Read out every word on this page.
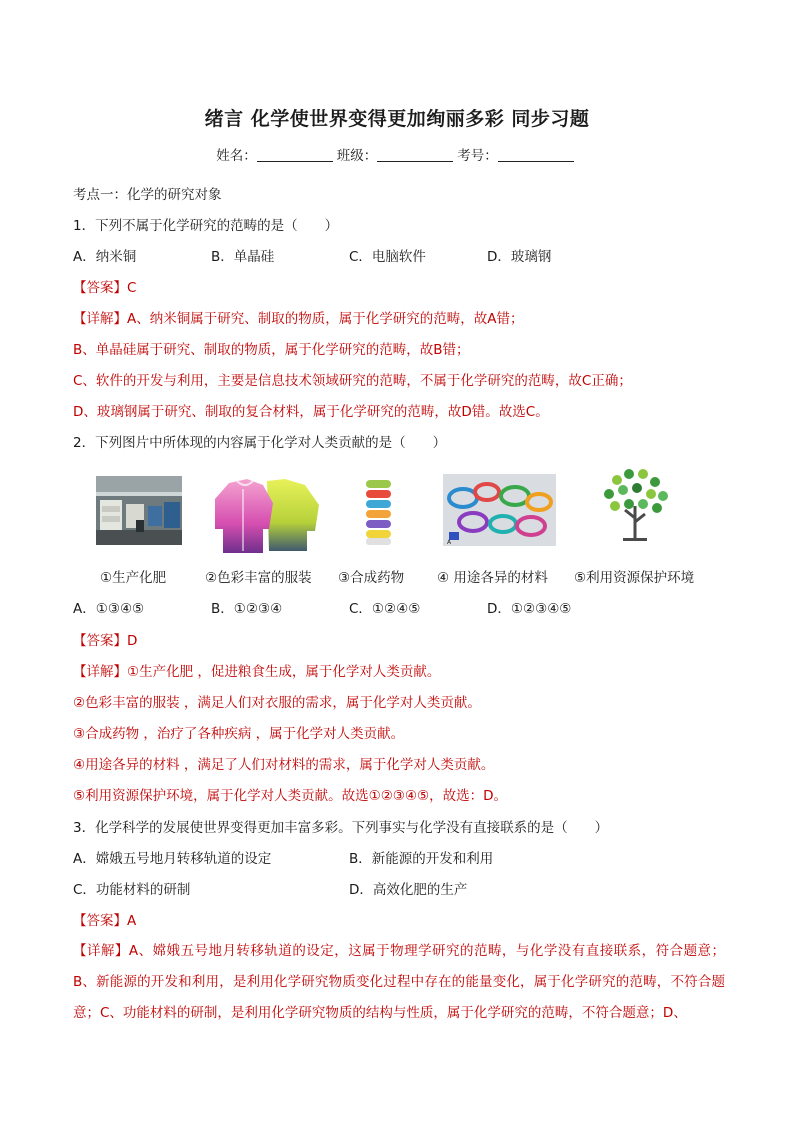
绪言 化学使世界变得更加绚丽多彩 同步习题
姓名：	班级：	考号：
考点一：化学的研究对象
1．下列不属于化学研究的范畴的是（　　）
A．纳米铜	B．单晶硅	C．电脑软件	D．玻璃钢
【答案】C
【详解】A、纳米铜属于研究、制取的物质，属于化学研究的范畴，故A错；
B、单晶硅属于研究、制取的物质，属于化学研究的范畴，故B错；
C、软件的开发与利用，主要是信息技术领域研究的范畴，不属于化学研究的范畴，故C正确；
D、玻璃钢属于研究、制取的复合材料，属于化学研究的范畴，故D错。故选C。
2．下列图片中所体现的内容属于化学对人类贡献的是（　　）
A
①生产化肥	②色彩丰富的服装 ③合成药物 ④ 用途各异的材料 ⑤利用资源保护环境
A．①③④⑤	B．①②③④	C．①②④⑤	D．①②③④⑤
【答案】D
【详解】①生产化肥 ，促进粮食生成，属于化学对人类贡献。
②色彩丰富的服装 ，满足人们对衣服的需求，属于化学对人类贡献。
③合成药物 ，治疗了各种疾病 ，属于化学对人类贡献。
④用途各异的材料 ，满足了人们对材料的需求，属于化学对人类贡献。
⑤利用资源保护环境，属于化学对人类贡献。故选①②③④⑤，故选：D。
3．化学科学的发展使世界变得更加丰富多彩。下列事实与化学没有直接联系的是（　　）
A．嫦娥五号地月转移轨道的设定	B．新能源的开发和利用
C．功能材料的研制	D．高效化肥的生产
【答案】A
【详解】A、嫦娥五号地月转移轨道的设定，这属于物理学研究的范畴，与化学没有直接联系，符合题意；B、新能源的开发和利用，是利用化学研究物质变化过程中存在的能量变化，属于化学研究的范畴，不符合题意；C、功能材料的研制，是利用化学研究物质的结构与性质，属于化学研究的范畴，不符合题意；D、
